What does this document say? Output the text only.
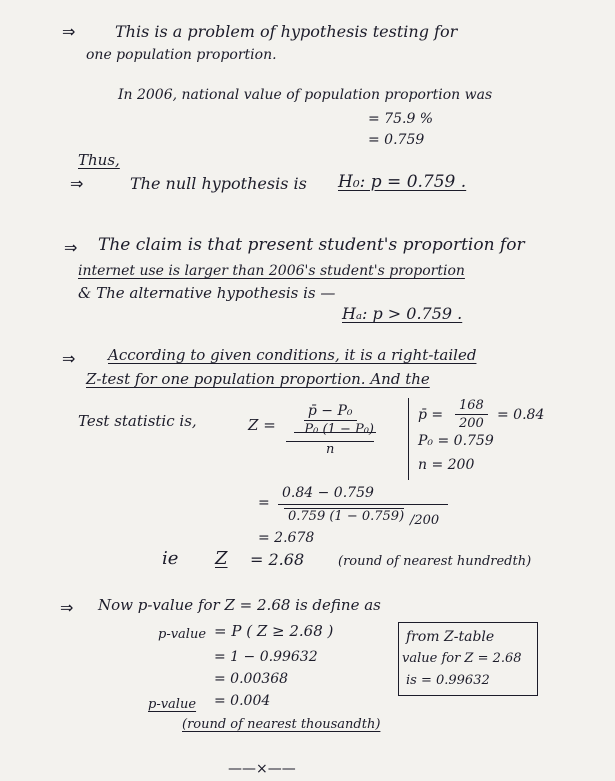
⇒ This is a problem of hypothesis testing for
one population proportion.
In 2006, national value of population proportion was
= 75.9 %
= 0.759
Thus,
⇒	The null hypothesis is H₀: p = 0.759 .
⇒ The claim is that present student's proportion for
internet use is larger than 2006's student's proportion
& The alternative hypothesis is —
Hₐ: p > 0.759 .
⇒ According to given conditions, it is a right-tailed
Z-test for one population proportion. And the
Test statistic is,	Z =
p̄ − P₀
P₀ (1 − P₀)
n
$\frac{168}{200}$
p̄ =	= 0.84
P₀ = 0.759
n = 200
=
0.84 − 0.759
0.759 (1 − 0.759) /200
= 2.678
ie Z = 2.68	(round of nearest hundredth)
⇒ Now p-value for Z = 2.68 is define as
p-value = P ( Z ≥ 2.68 )
= 1 − 0.99632
= 0.00368
p-value = 0.004
(round of nearest thousandth)
from Z-table
value for Z = 2.68
is = 0.99632
——×——
